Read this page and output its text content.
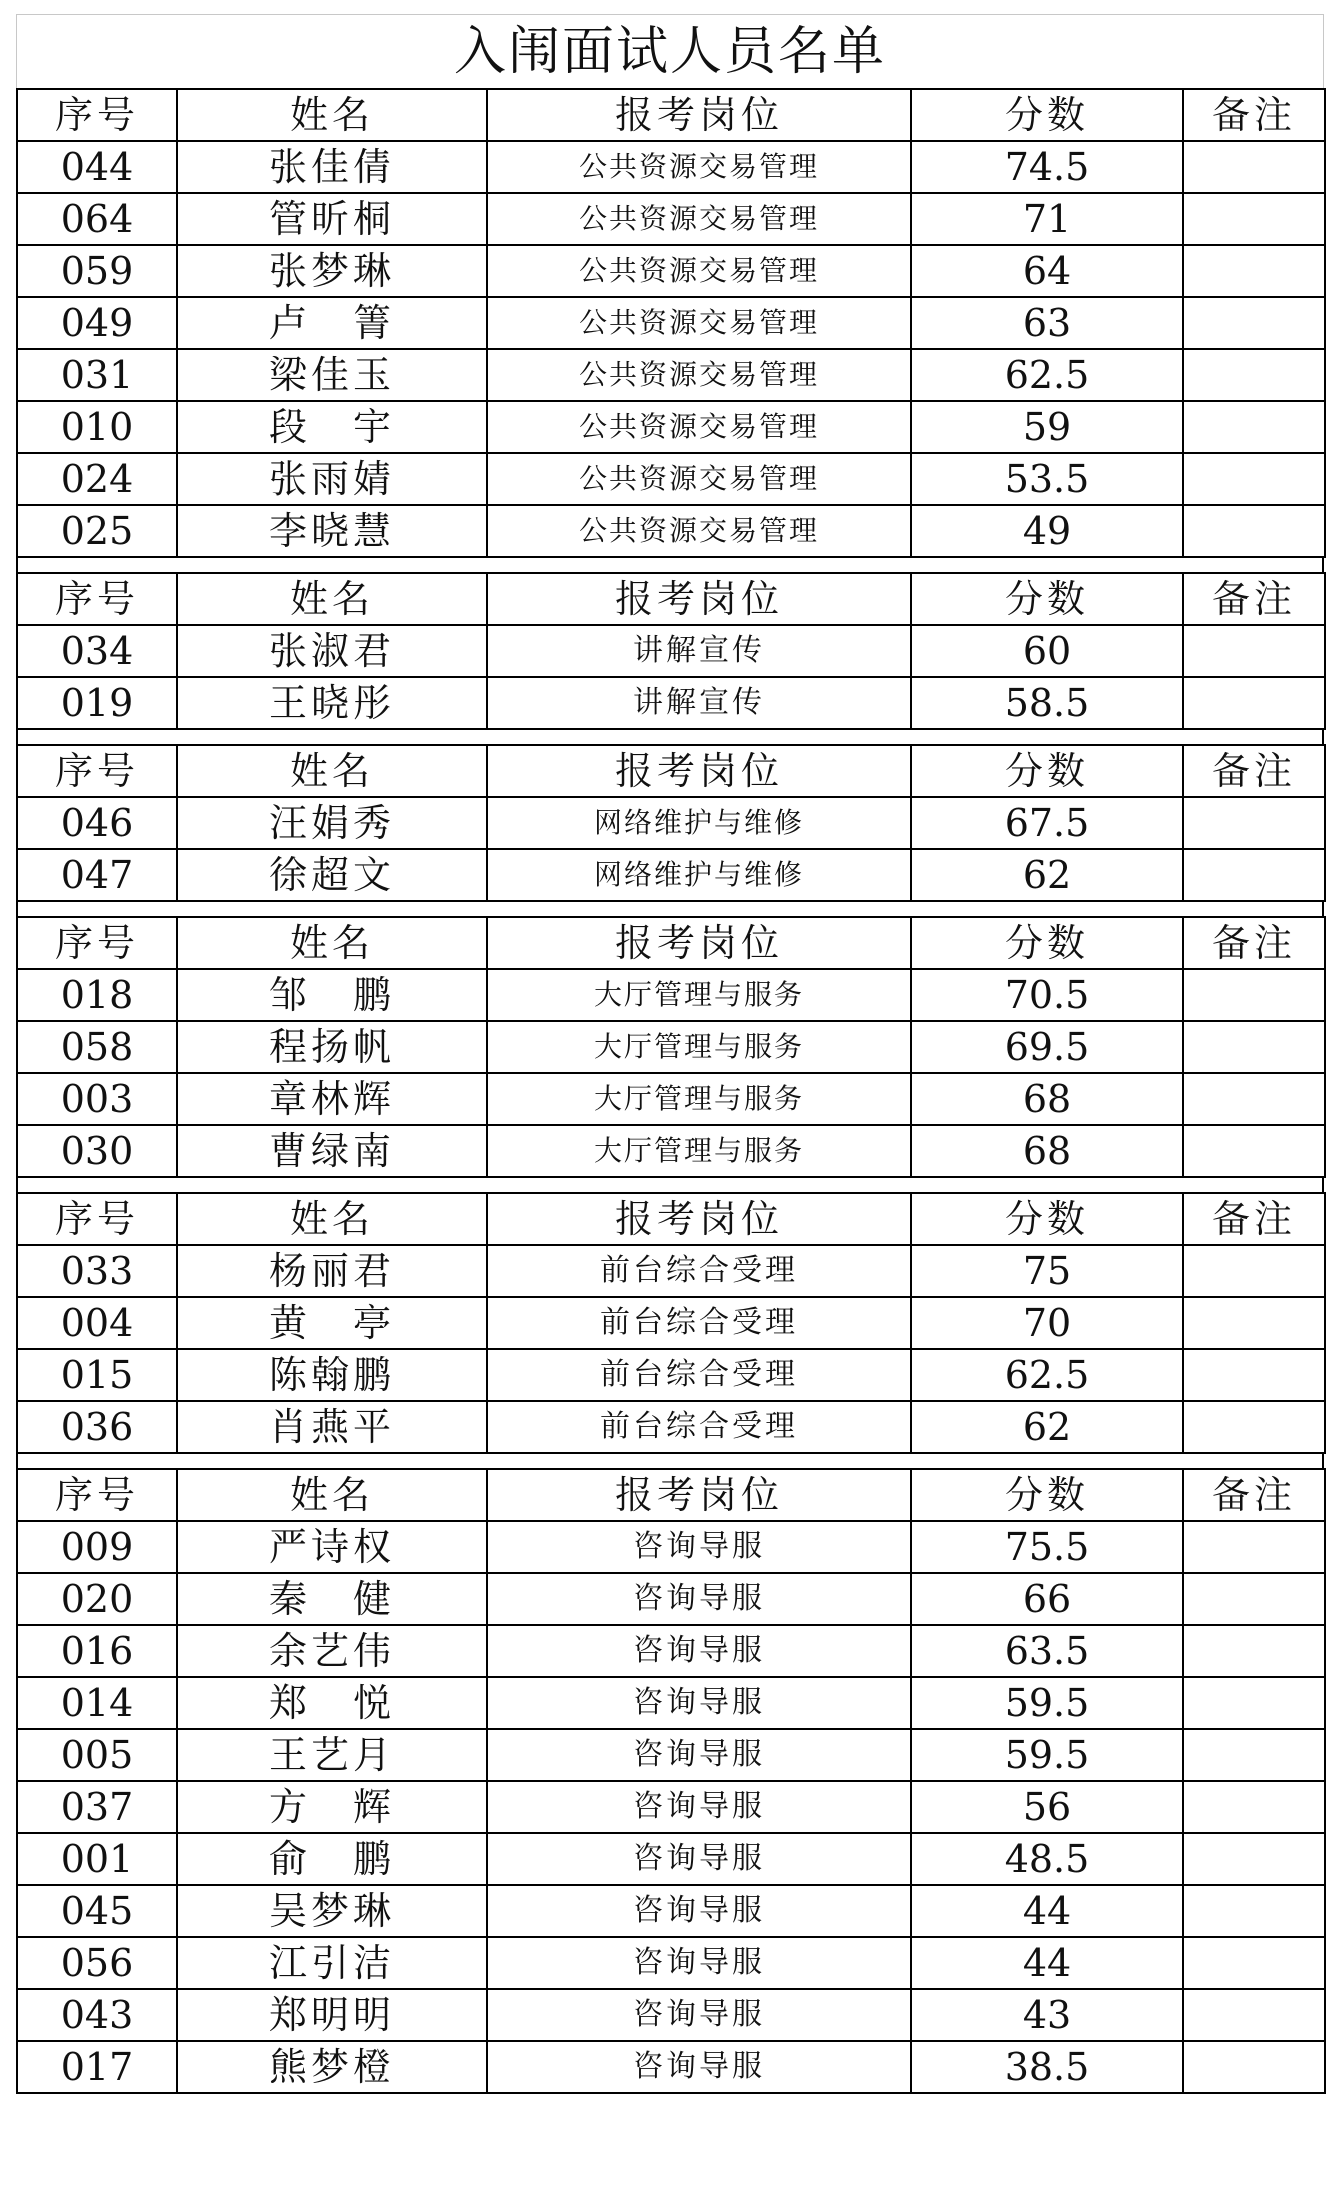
入闱面试人员名单
序号	姓名	报考岗位	分数	备注
044	张佳倩	公共资源交易管理	74.5	
064	管昕桐	公共资源交易管理	71	
059	张梦琳	公共资源交易管理	64	
049	卢　箐	公共资源交易管理	63	
031	梁佳玉	公共资源交易管理	62.5	
010	段　宇	公共资源交易管理	59	
024	张雨婧	公共资源交易管理	53.5	
025	李晓慧	公共资源交易管理	49	
序号	姓名	报考岗位	分数	备注
034	张淑君	讲解宣传	60	
019	王晓彤	讲解宣传	58.5	
序号	姓名	报考岗位	分数	备注
046	汪娟秀	网络维护与维修	67.5	
047	徐超文	网络维护与维修	62	
序号	姓名	报考岗位	分数	备注
018	邹　鹏	大厅管理与服务	70.5	
058	程扬帆	大厅管理与服务	69.5	
003	章林辉	大厅管理与服务	68	
030	曹绿南	大厅管理与服务	68	
序号	姓名	报考岗位	分数	备注
033	杨丽君	前台综合受理	75	
004	黄　亭	前台综合受理	70	
015	陈翰鹏	前台综合受理	62.5	
036	肖燕平	前台综合受理	62	
序号	姓名	报考岗位	分数	备注
009	严诗权	咨询导服	75.5	
020	秦　健	咨询导服	66	
016	余艺伟	咨询导服	63.5	
014	郑　悦	咨询导服	59.5	
005	王艺月	咨询导服	59.5	
037	方　辉	咨询导服	56	
001	俞　鹏	咨询导服	48.5	
045	吴梦琳	咨询导服	44	
056	江引洁	咨询导服	44	
043	郑明明	咨询导服	43	
017	熊梦橙	咨询导服	38.5	
